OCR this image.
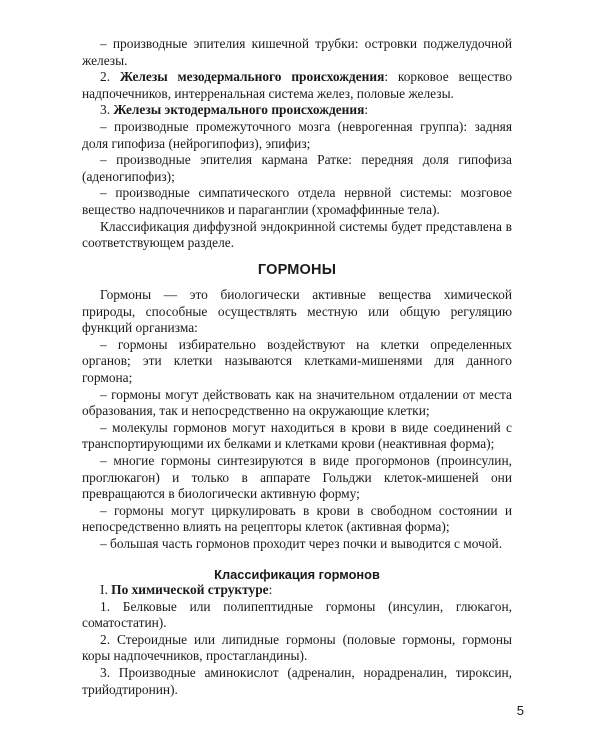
– производные эпителия кишечной трубки: островки поджелудочной железы.

2. Железы мезодермального происхождения: корковое вещество надпочечников, интерренальная система желез, половые железы.

3. Железы эктодермального происхождения:

– производные промежуточного мозга (неврогенная группа): задняя доля гипофиза (нейрогипофиз), эпифиз;

– производные эпителия кармана Ратке: передняя доля гипофиза (аденогипофиз);

– производные симпатического отдела нервной системы: мозговое вещество надпочечников и параганглии (хромаффинные тела).

Классификация диффузной эндокринной системы будет представлена в соответствующем разделе.

ГОРМОНЫ

Гормоны — это биологически активные вещества химической природы, способные осуществлять местную или общую регуляцию функций организма:

– гормоны избирательно воздействуют на клетки определенных органов; эти клетки называются клетками-мишенями для данного гормона;

– гормоны могут действовать как на значительном отдалении от места образования, так и непосредственно на окружающие клетки;

– молекулы гормонов могут находиться в крови в виде соединений с транспортирующими их белками и клетками крови (неактивная форма);

– многие гормоны синтезируются в виде прогормонов (проинсулин, проглюкагон) и только в аппарате Гольджи клеток-мишеней они превращаются в биологически активную форму;

– гормоны могут циркулировать в крови в свободном состоянии и непосредственно влиять на рецепторы клеток (активная форма);

– большая часть гормонов проходит через почки и выводится с мочой.

Классификация гормонов

I. По химической структуре:

1. Белковые или полипептидные гормоны (инсулин, глюкагон, соматостатин).

2. Стероидные или липидные гормоны (половые гормоны, гормоны коры надпочечников, простагландины).

3. Производные аминокислот (адреналин, норадреналин, тироксин, трийодтиронин).

5
